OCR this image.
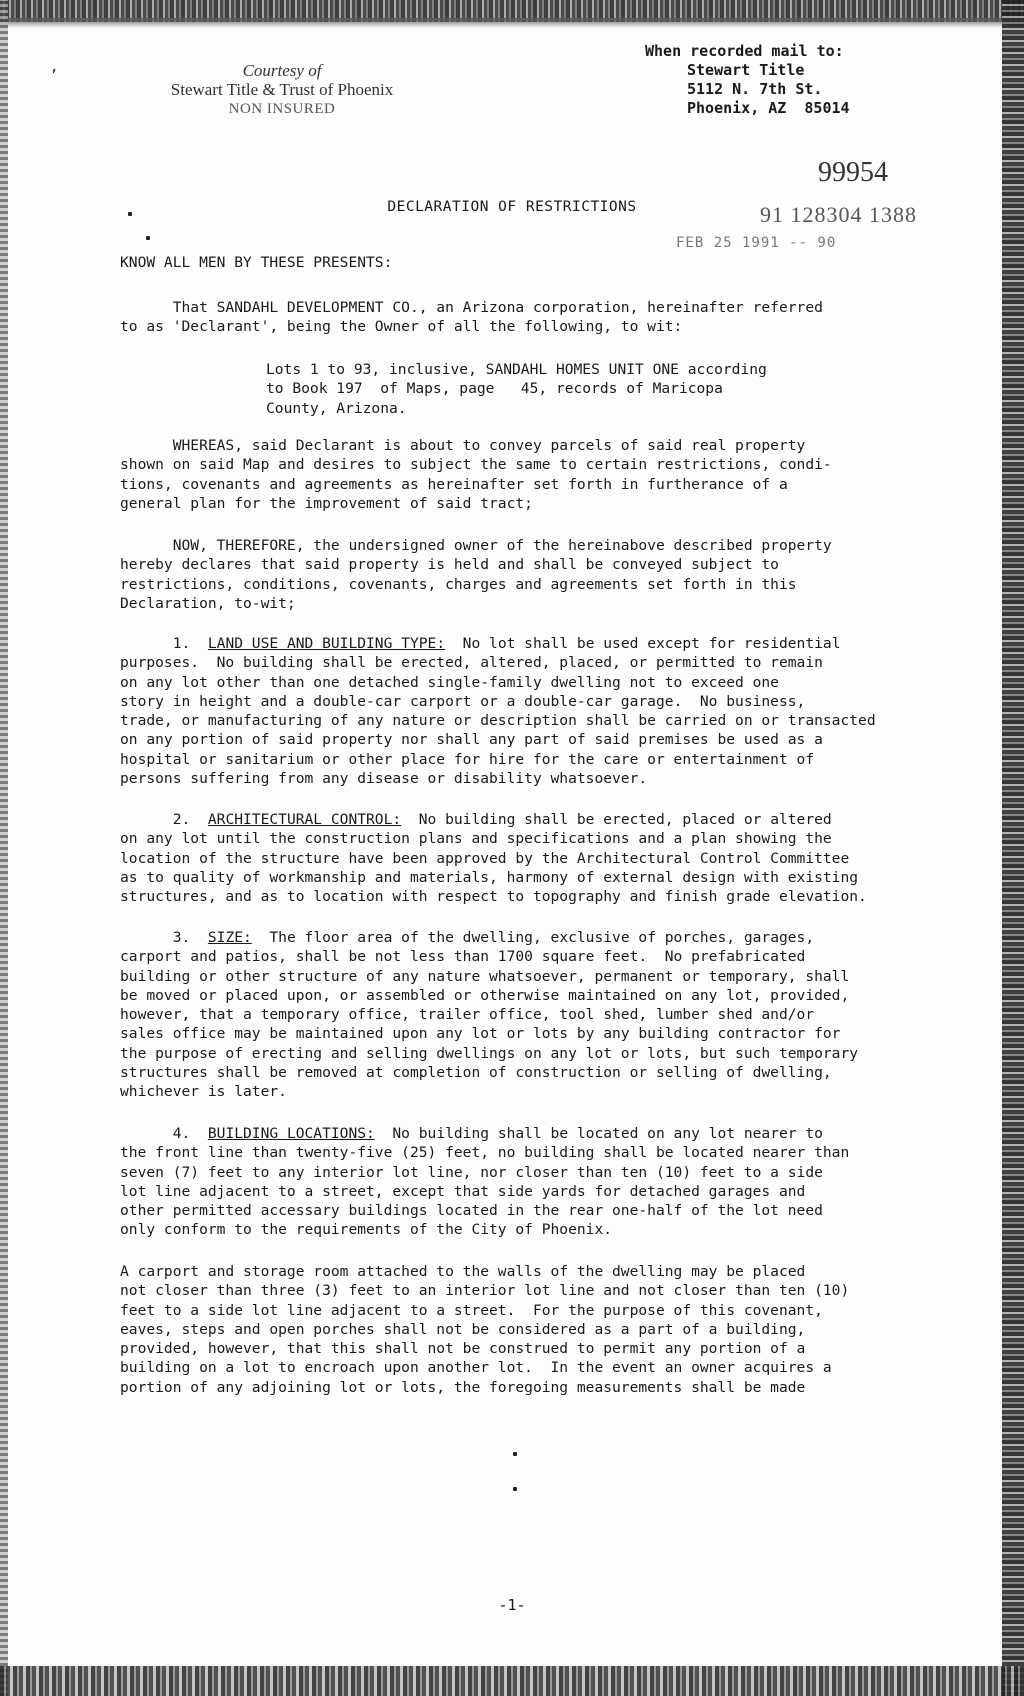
,	Courtesy of
Stewart Title & Trust of Phoenix
NON INSURED
When recorded mail to:
Stewart Title
5112 N. 7th St.
Phoenix, AZ  85014
99954
91 128304 1388
FEB 25 1991 -- 90
DECLARATION OF RESTRICTIONS
KNOW ALL MEN BY THESE PRESENTS:

That SANDAHL DEVELOPMENT CO., an Arizona corporation, hereinafter referred

to as 'Declarant', being the Owner of all the following, to wit:

Lots 1 to 93, inclusive, SANDAHL HOMES UNIT ONE according

to Book 197  of Maps, page   45, records of Maricopa

County, Arizona.

WHEREAS, said Declarant is about to convey parcels of said real property

shown on said Map and desires to subject the same to certain restrictions, condi-

tions, covenants and agreements as hereinafter set forth in furtherance of a

general plan for the improvement of said tract;

NOW, THEREFORE, the undersigned owner of the hereinabove described property

hereby declares that said property is held and shall be conveyed subject to

restrictions, conditions, covenants, charges and agreements set forth in this

Declaration, to-wit;

1.  LAND USE AND BUILDING TYPE:  No lot shall be used except for residential

purposes.  No building shall be erected, altered, placed, or permitted to remain

on any lot other than one detached single-family dwelling not to exceed one

story in height and a double-car carport or a double-car garage.  No business,

trade, or manufacturing of any nature or description shall be carried on or transacted

on any portion of said property nor shall any part of said premises be used as a

hospital or sanitarium or other place for hire for the care or entertainment of

persons suffering from any disease or disability whatsoever.

2.  ARCHITECTURAL CONTROL:  No building shall be erected, placed or altered

on any lot until the construction plans and specifications and a plan showing the

location of the structure have been approved by the Architectural Control Committee

as to quality of workmanship and materials, harmony of external design with existing

structures, and as to location with respect to topography and finish grade elevation.

3.  SIZE:  The floor area of the dwelling, exclusive of porches, garages,

carport and patios, shall be not less than 1700 square feet.  No prefabricated

building or other structure of any nature whatsoever, permanent or temporary, shall

be moved or placed upon, or assembled or otherwise maintained on any lot, provided,

however, that a temporary office, trailer office, tool shed, lumber shed and/or

sales office may be maintained upon any lot or lots by any building contractor for

the purpose of erecting and selling dwellings on any lot or lots, but such temporary

structures shall be removed at completion of construction or selling of dwelling,

whichever is later.

4.  BUILDING LOCATIONS:  No building shall be located on any lot nearer to

the front line than twenty-five (25) feet, no building shall be located nearer than

seven (7) feet to any interior lot line, nor closer than ten (10) feet to a side

lot line adjacent to a street, except that side yards for detached garages and

other permitted accessary buildings located in the rear one-half of the lot need

only conform to the requirements of the City of Phoenix.

A carport and storage room attached to the walls of the dwelling may be placed

not closer than three (3) feet to an interior lot line and not closer than ten (10)

feet to a side lot line adjacent to a street.  For the purpose of this covenant,

eaves, steps and open porches shall not be considered as a part of a building,

provided, however, that this shall not be construed to permit any portion of a

building on a lot to encroach upon another lot.  In the event an owner acquires a

portion of any adjoining lot or lots, the foregoing measurements shall be made

-1-
